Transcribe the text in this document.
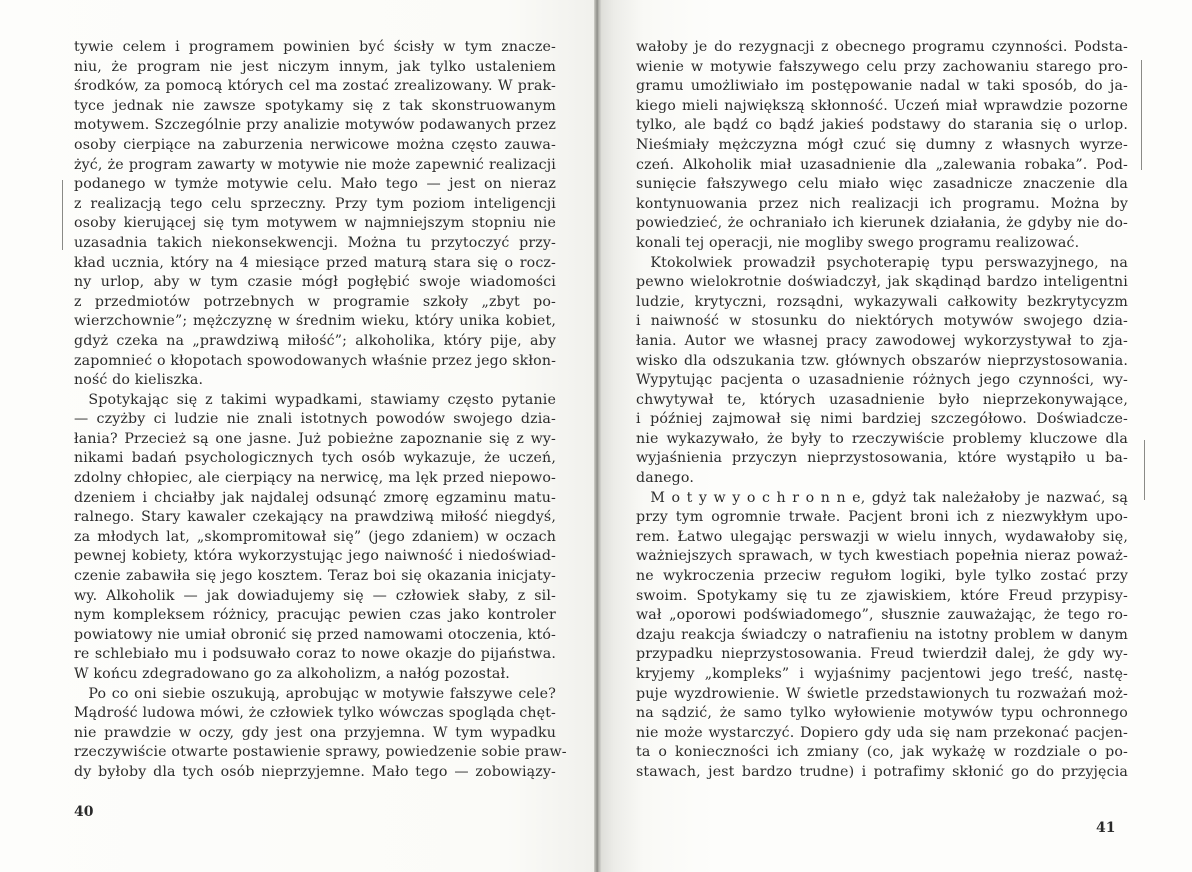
tywie celem i programem powinien być ścisły w tym znacze-
niu, że program nie jest niczym innym, jak tylko ustaleniem
środków, za pomocą których cel ma zostać zrealizowany. W prak-
tyce jednak nie zawsze spotykamy się z tak skonstruowanym
motywem. Szczególnie przy analizie motywów podawanych przez
osoby cierpiące na zaburzenia nerwicowe można często zauwa-
żyć, że program zawarty w motywie nie może zapewnić realizacji
podanego w tymże motywie celu. Mało tego — jest on nieraz
z realizacją tego celu sprzeczny. Przy tym poziom inteligencji
osoby kierującej się tym motywem w najmniejszym stopniu nie
uzasadnia takich niekonsekwencji. Można tu przytoczyć przy-
kład ucznia, który na 4 miesiące przed maturą stara się o rocz-
ny urlop, aby w tym czasie mógł pogłębić swoje wiadomości
z przedmiotów potrzebnych w programie szkoły „zbyt po-
wierzchownie”; mężczyznę w średnim wieku, który unika kobiet,
gdyż czeka na „prawdziwą miłość”; alkoholika, który pije, aby
zapomnieć o kłopotach spowodowanych właśnie przez jego skłon-
ność do kieliszka.
 Spotykając się z takimi wypadkami, stawiamy często pytanie
— czyżby ci ludzie nie znali istotnych powodów swojego dzia-
łania? Przecież są one jasne. Już pobieżne zapoznanie się z wy-
nikami badań psychologicznych tych osób wykazuje, że uczeń,
zdolny chłopiec, ale cierpiący na nerwicę, ma lęk przed niepowo-
dzeniem i chciałby jak najdalej odsunąć zmorę egzaminu matu-
ralnego. Stary kawaler czekający na prawdziwą miłość niegdyś,
za młodych lat, „skompromitował się” (jego zdaniem) w oczach
pewnej kobiety, która wykorzystując jego naiwność i niedoświad-
czenie zabawiła się jego kosztem. Teraz boi się okazania inicjaty-
wy. Alkoholik — jak dowiadujemy się — człowiek słaby, z sil-
nym kompleksem różnicy, pracując pewien czas jako kontroler
powiatowy nie umiał obronić się przed namowami otoczenia, któ-
re schlebiało mu i podsuwało coraz to nowe okazje do pijaństwa.
W końcu zdegradowano go za alkoholizm, a nałóg pozostał.
 Po co oni siebie oszukują, aprobując w motywie fałszywe cele?
Mądrość ludowa mówi, że człowiek tylko wówczas spogląda chęt-
nie prawdzie w oczy, gdy jest ona przyjemna. W tym wypadku
rzeczywiście otwarte postawienie sprawy, powiedzenie sobie praw-
dy byłoby dla tych osób nieprzyjemne. Mało tego — zobowiązy-
40
wałoby je do rezygnacji z obecnego programu czynności. Podsta-
wienie w motywie fałszywego celu przy zachowaniu starego pro-
gramu umożliwiało im postępowanie nadal w taki sposób, do ja-
kiego mieli największą skłonność. Uczeń miał wprawdzie pozorne
tylko, ale bądź co bądź jakieś podstawy do starania się o urlop.
Nieśmiały mężczyzna mógł czuć się dumny z własnych wyrze-
czeń. Alkoholik miał uzasadnienie dla „zalewania robaka”. Pod-
sunięcie fałszywego celu miało więc zasadnicze znaczenie dla
kontynuowania przez nich realizacji ich programu. Można by
powiedzieć, że ochraniało ich kierunek działania, że gdyby nie do-
konali tej operacji, nie mogliby swego programu realizować.
 Ktokolwiek prowadził psychoterapię typu perswazyjnego, na
pewno wielokrotnie doświadczył, jak skądinąd bardzo inteligentni
ludzie, krytyczni, rozsądni, wykazywali całkowity bezkrytycyzm
i naiwność w stosunku do niektórych motywów swojego dzia-
łania. Autor we własnej pracy zawodowej wykorzystywał to zja-
wisko dla odszukania tzw. głównych obszarów nieprzystosowania.
Wypytując pacjenta o uzasadnienie różnych jego czynności, wy-
chwytywał te, których uzasadnienie było nieprzekonywające,
i później zajmował się nimi bardziej szczegółowo. Doświadcze-
nie wykazywało, że były to rzeczywiście problemy kluczowe dla
wyjaśnienia przyczyn nieprzystosowania, które wystąpiło u ba-
danego.
 M o t y w y o c h r o n n e, gdyż tak należałoby je nazwać, są
przy tym ogromnie trwałe. Pacjent broni ich z niezwykłym upo-
rem. Łatwo ulegając perswazji w wielu innych, wydawałoby się,
ważniejszych sprawach, w tych kwestiach popełnia nieraz poważ-
ne wykroczenia przeciw regułom logiki, byle tylko zostać przy
swoim. Spotykamy się tu ze zjawiskiem, które Freud przypisy-
wał „oporowi podświadomego”, słusznie zauważając, że tego ro-
dzaju reakcja świadczy o natrafieniu na istotny problem w danym
przypadku nieprzystosowania. Freud twierdził dalej, że gdy wy-
kryjemy „kompleks” i wyjaśnimy pacjentowi jego treść, nastę-
puje wyzdrowienie. W świetle przedstawionych tu rozważań moż-
na sądzić, że samo tylko wyłowienie motywów typu ochronnego
nie może wystarczyć. Dopiero gdy uda się nam przekonać pacjen-
ta o konieczności ich zmiany (co, jak wykażę w rozdziale o po-
stawach, jest bardzo trudne) i potrafimy skłonić go do przyjęcia
41
